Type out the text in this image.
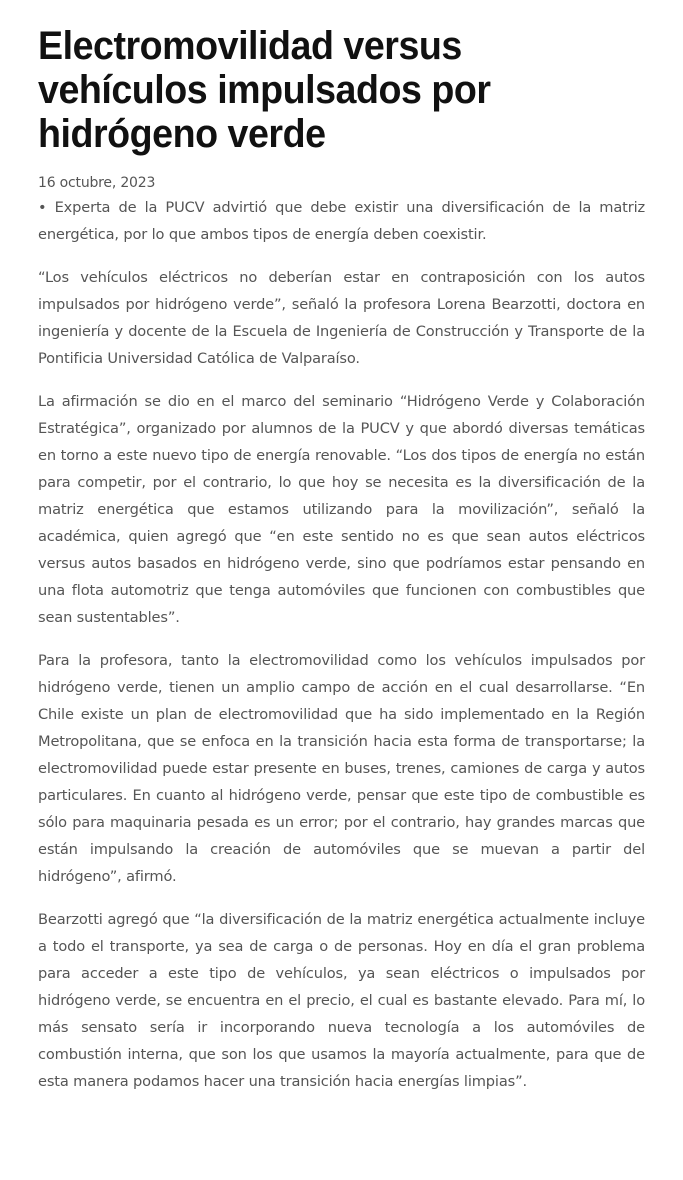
Electromovilidad versus vehículos impulsados por hidrógeno verde
16 octubre, 2023

• Experta de la PUCV advirtió que debe existir una diversificación de la matriz energética, por lo que ambos tipos de energía deben coexistir.

“Los vehículos eléctricos no deberían estar en contraposición con los autos impulsados por hidrógeno verde”, señaló la profesora Lorena Bearzotti, doctora en ingeniería y docente de la Escuela de Ingeniería de Construcción y Transporte de la Pontificia Universidad Católica de Valparaíso.

La afirmación se dio en el marco del seminario “Hidrógeno Verde y Colaboración Estratégica”, organizado por alumnos de la PUCV y que abordó diversas temáticas en torno a este nuevo tipo de energía renovable. “Los dos tipos de energía no están para competir, por el contrario, lo que hoy se necesita es la diversificación de la matriz energética que estamos utilizando para la movilización”, señaló la académica, quien agregó que “en este sentido no es que sean autos eléctricos versus autos basados en hidrógeno verde, sino que podríamos estar pensando en una flota automotriz que tenga automóviles que funcionen con combustibles que sean sustentables”.

Para la profesora, tanto la electromovilidad como los vehículos impulsados por hidrógeno verde, tienen un amplio campo de acción en el cual desarrollarse. “En Chile existe un plan de electromovilidad que ha sido implementado en la Región Metropolitana, que se enfoca en la transición hacia esta forma de transportarse; la electromovilidad puede estar presente en buses, trenes, camiones de carga y autos particulares. En cuanto al hidrógeno verde, pensar que este tipo de combustible es sólo para maquinaria pesada es un error; por el contrario, hay grandes marcas que están impulsando la creación de automóviles que se muevan a partir del hidrógeno”, afirmó.

Bearzotti agregó que “la diversificación de la matriz energética actualmente incluye a todo el transporte, ya sea de carga o de personas. Hoy en día el gran problema para acceder a este tipo de vehículos, ya sean eléctricos o impulsados por hidrógeno verde, se encuentra en el precio, el cual es bastante elevado. Para mí, lo más sensato sería ir incorporando nueva tecnología a los automóviles de combustión interna, que son los que usamos la mayoría actualmente, para que de esta manera podamos hacer una transición hacia energías limpias”.
